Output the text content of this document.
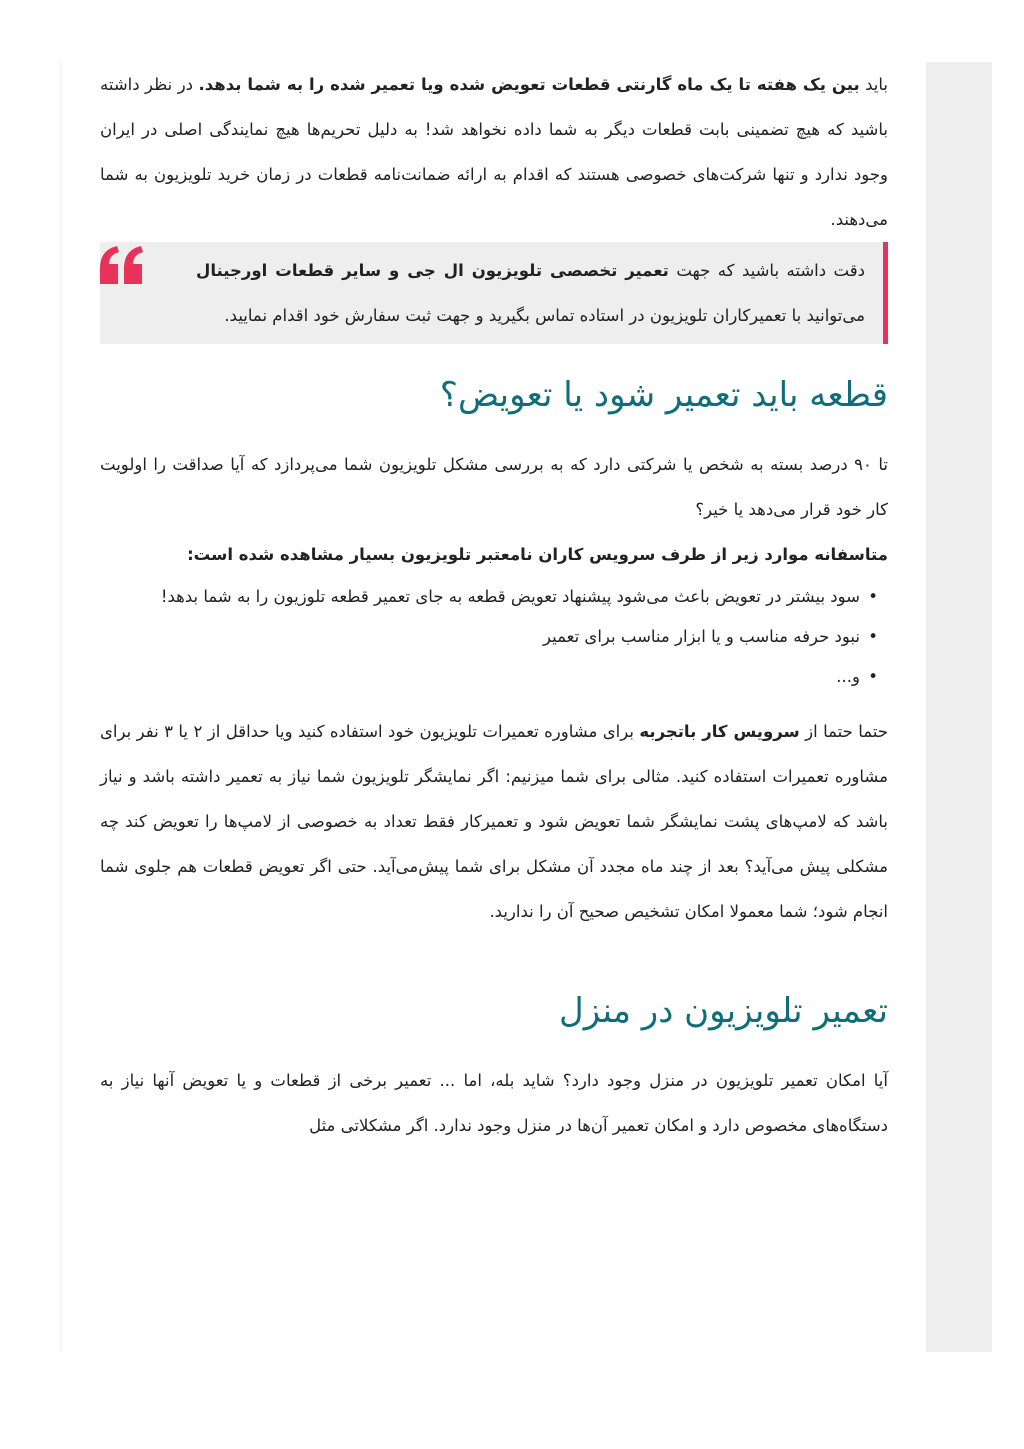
باید بین یک هفته تا یک ماه گارنتی قطعات تعویض شده ویا تعمیر شده را به شما بدهد. در نظر داشته باشید که هیچ تضمینی بابت قطعات دیگر به شما داده نخواهد شد! به دلیل تحریم‌ها هیچ نمایندگی اصلی در ایران وجود ندارد و تنها شرکت‌های خصوصی هستند که اقدام به ارائه ضمانت‌نامه قطعات در زمان خرید تلویزیون به شما می‌دهند.

دقت داشته باشید که جهت تعمیر تخصصی تلویزیون ال جی و سایر قطعات اورجینال می‌توانید با تعمیرکاران تلویزیون در استاده تماس بگیرید و جهت ثبت سفارش خود اقدام نمایید.

قطعه باید تعمیر شود یا تعویض؟

تا ۹۰ درصد بسته به شخص یا شرکتی دارد که به بررسی مشکل تلویزیون شما می‌پردازد که آیا صداقت را اولویت کار خود قرار می‌دهد یا خیر؟

متاسفانه موارد زیر از طرف سرویس کاران نامعتبر تلویزیون بسیار مشاهده شده است:

•
سود بیشتر در تعویض باعث می‌شود پیشنهاد تعویض قطعه به جای تعمیر قطعه تلوزیون را به شما بدهد!
•
نبود حرفه مناسب و یا ابزار مناسب برای تعمیر
•
و...

حتما حتما از سرویس کار باتجربه برای مشاوره تعمیرات تلویزیون خود استفاده کنید ویا حداقل از ۲ یا ۳ نفر برای مشاوره تعمیرات استفاده کنید. مثالی برای شما میزنیم: اگر نمایشگر تلویزیون شما نیاز به تعمیر داشته باشد و نیاز باشد که لامپ‌های پشت نمایشگر شما تعویض شود و تعمیرکار فقط تعداد به خصوصی از لامپ‌ها را تعویض کند چه مشکلی پیش می‌آید؟ بعد از چند ماه مجدد آن مشکل برای شما پیش‌می‌آید. حتی اگر تعویض قطعات هم جلوی شما انجام شود؛ شما معمولا امکان تشخیص صحیح آن را ندارید.

تعمیر تلویزیون در منزل

آیا امکان تعمیر تلویزیون در منزل وجود دارد؟ شاید بله، اما ... تعمیر برخی از قطعات و یا تعویض آنها نیاز به دستگاه‌های مخصوص دارد و امکان تعمیر آن‌ها در منزل وجود ندارد. اگر مشکلاتی مثل
